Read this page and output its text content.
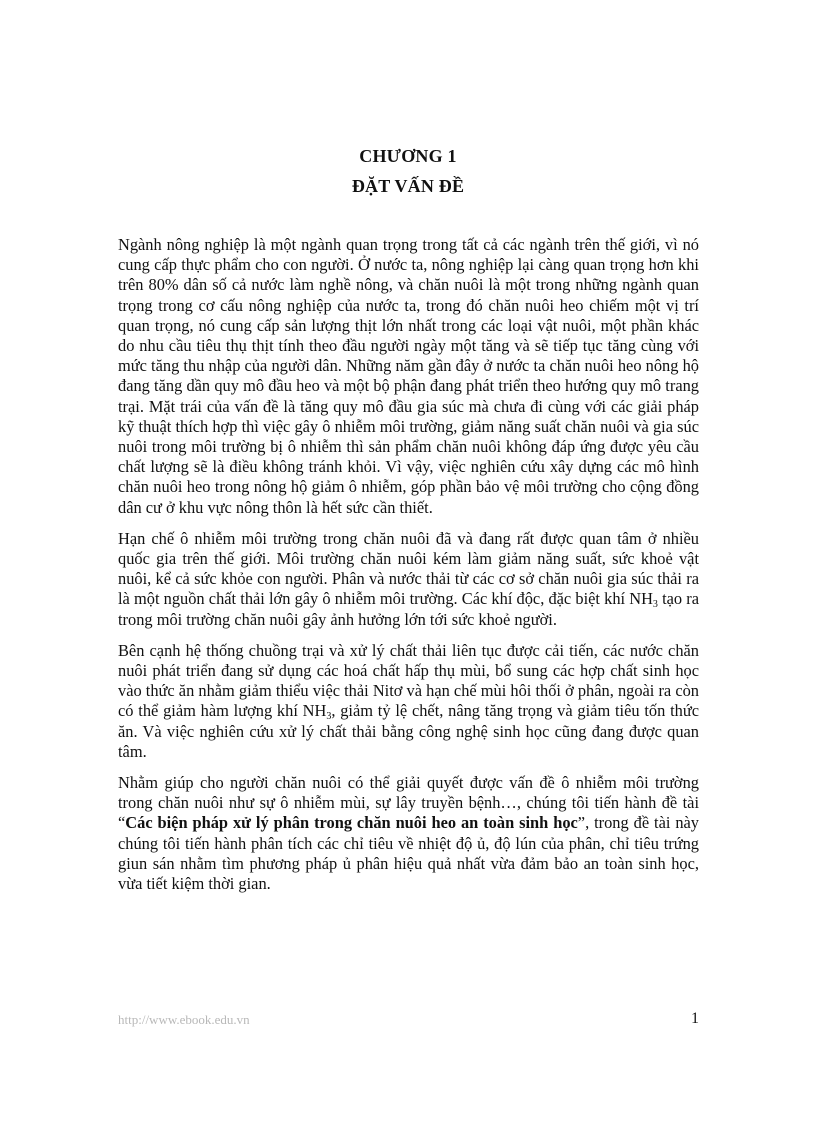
CHƯƠNG 1
ĐẶT VẤN ĐỀ

Ngành nông nghiệp là một ngành quan trọng trong tất cả các ngành trên thế giới, vì nó cung cấp thực phẩm cho con người. Ở nước ta, nông nghiệp lại càng quan trọng hơn khi trên 80% dân số cả nước làm nghề nông, và chăn nuôi là một trong những ngành quan trọng trong cơ cấu nông nghiệp của nước ta, trong đó chăn nuôi heo chiếm một vị trí quan trọng, nó cung cấp sản lượng thịt lớn nhất trong các loại vật nuôi, một phần khác do nhu cầu tiêu thụ thịt tính theo đầu người ngày một tăng và sẽ tiếp tục tăng cùng với mức tăng thu nhập của người dân. Những năm gần đây ở nước ta chăn nuôi heo nông hộ đang tăng dần quy mô đầu heo và một bộ phận đang phát triển theo hướng quy mô trang trại. Mặt trái của vấn đề là tăng quy mô đầu gia súc mà chưa đi cùng với các giải pháp kỹ thuật thích hợp thì việc gây ô nhiễm môi trường, giảm năng suất chăn nuôi và gia súc nuôi trong môi trường bị ô nhiễm thì sản phẩm chăn nuôi không đáp ứng được yêu cầu chất lượng sẽ là điều không tránh khỏi. Vì vậy, việc nghiên cứu xây dựng các mô hình chăn nuôi heo trong nông hộ giảm ô nhiễm, góp phần bảo vệ môi trường cho cộng đồng dân cư ở khu vực nông thôn là hết sức cần thiết.

Hạn chế ô nhiễm môi trường trong chăn nuôi đã và đang rất được quan tâm ở nhiều quốc gia trên thế giới. Môi trường chăn nuôi kém làm giảm năng suất, sức khoẻ vật nuôi, kể cả sức khỏe con người. Phân và nước thải từ các cơ sở chăn nuôi gia súc thải ra là một nguồn chất thải lớn gây ô nhiễm môi trường. Các khí độc, đặc biệt khí $NH_3$ tạo ra trong môi trường chăn nuôi gây ảnh hưởng lớn tới sức khoẻ người.

Bên cạnh hệ thống chuồng trại và xử lý chất thải liên tục được cải tiến, các nước chăn nuôi phát triển đang sử dụng các hoá chất hấp thụ mùi, bổ sung các hợp chất sinh học vào thức ăn nhằm giảm thiểu việc thải Nitơ và hạn chế mùi hôi thối ở phân, ngoài ra còn có thể giảm hàm lượng khí $NH_3$, giảm tỷ lệ chết, nâng tăng trọng và giảm tiêu tốn thức ăn. Và việc nghiên cứu xử lý chất thải bằng công nghệ sinh học cũng đang được quan tâm.

Nhằm giúp cho người chăn nuôi có thể giải quyết được vấn đề ô nhiễm môi trường trong chăn nuôi như sự ô nhiễm mùi, sự lây truyền bệnh…, chúng tôi tiến hành đề tài “Các biện pháp xử lý phân trong chăn nuôi heo an toàn sinh học”, trong đề tài này chúng tôi tiến hành phân tích các chỉ tiêu về nhiệt độ ủ, độ lún của phân, chỉ tiêu trứng giun sán nhằm tìm phương pháp ủ phân hiệu quả nhất vừa đảm bảo an toàn sinh học, vừa tiết kiệm thời gian.

http://www.ebook.edu.vn	1
